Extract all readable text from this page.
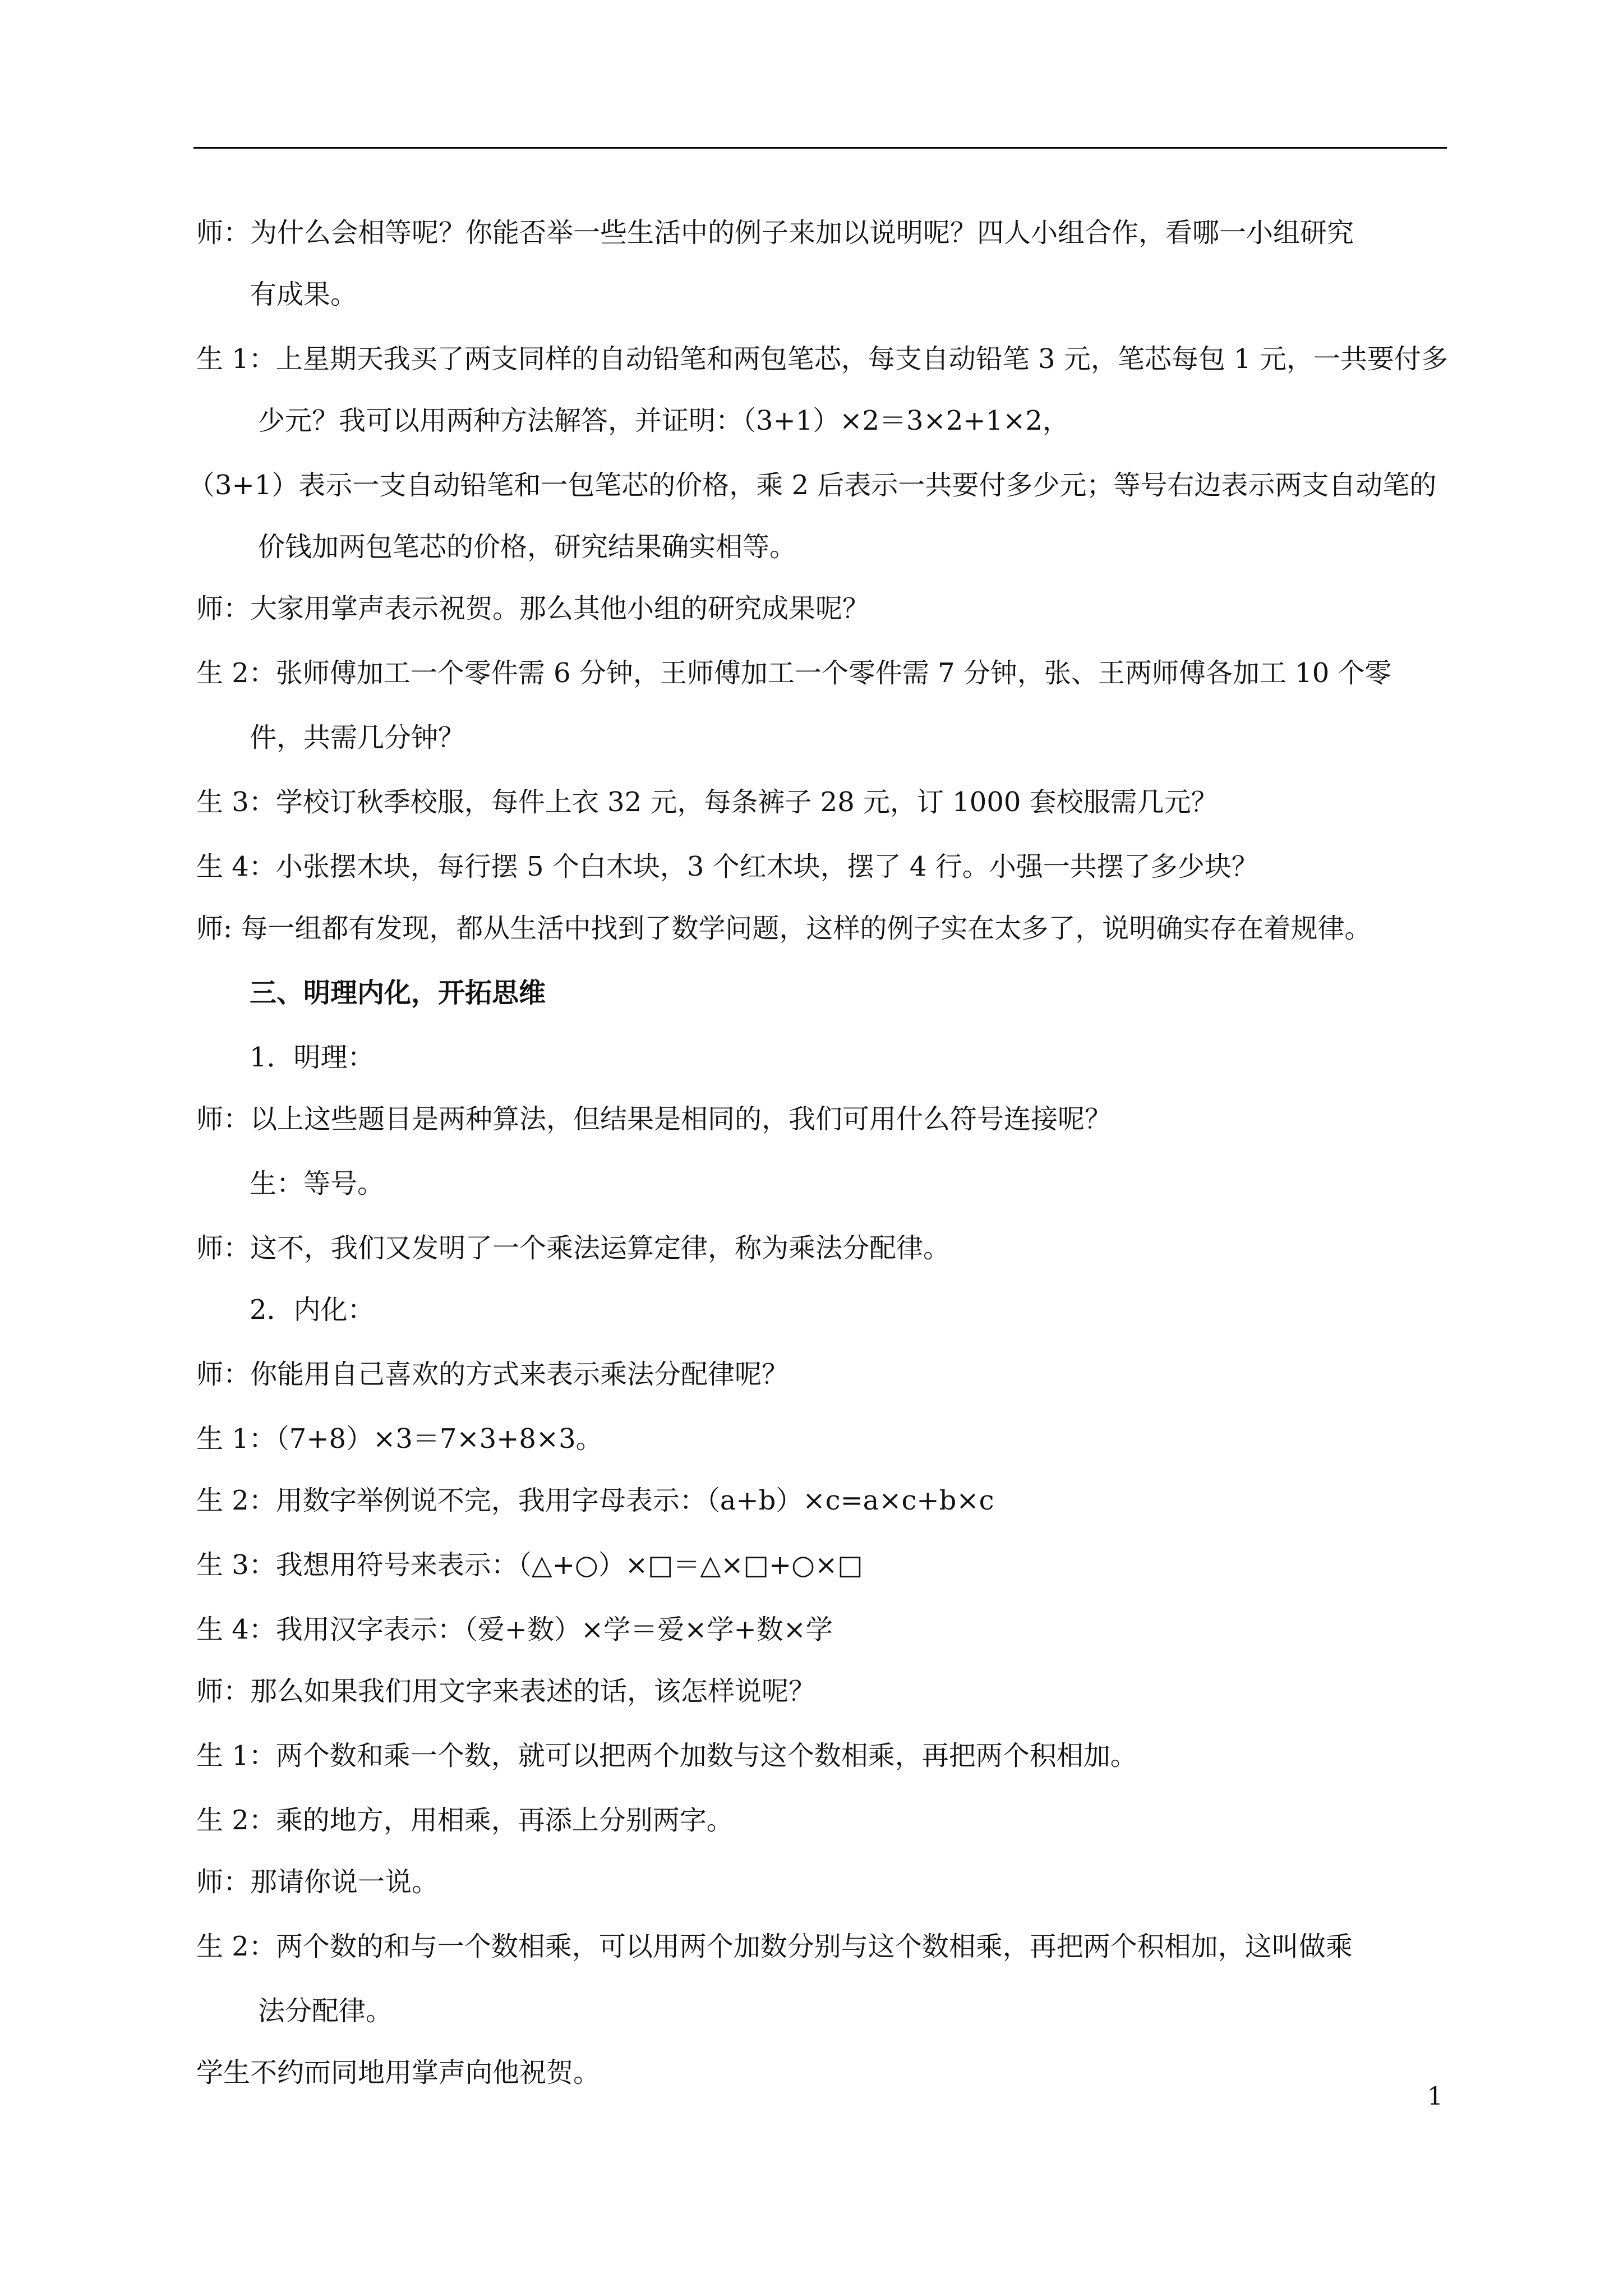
师：为什么会相等呢？你能否举一些生活中的例子来加以说明呢？四人小组合作，看哪一小组研究
有成果。
生 1：上星期天我买了两支同样的自动铅笔和两包笔芯，每支自动铅笔 3 元，笔芯每包 1 元，一共要付多
少元？我可以用两种方法解答，并证明：（3+1）×2＝3×2+1×2，
（3+1）表示一支自动铅笔和一包笔芯的价格，乘 2 后表示一共要付多少元；等号右边表示两支自动笔的
价钱加两包笔芯的价格，研究结果确实相等。
师：大家用掌声表示祝贺。那么其他小组的研究成果呢？
生 2：张师傅加工一个零件需 6 分钟，王师傅加工一个零件需 7 分钟，张、王两师傅各加工 10 个零
件，共需几分钟？
生 3：学校订秋季校服，每件上衣 32 元，每条裤子 28 元，订 1000 套校服需几元？
生 4：小张摆木块，每行摆 5 个白木块，3 个红木块，摆了 4 行。小强一共摆了多少块？
师: 每一组都有发现，都从生活中找到了数学问题，这样的例子实在太多了，说明确实存在着规律。
三、明理内化，开拓思维
1．明理：
师：以上这些题目是两种算法，但结果是相同的，我们可用什么符号连接呢？
生：等号。
师：这不，我们又发明了一个乘法运算定律，称为乘法分配律。
2．内化：
师：你能用自己喜欢的方式来表示乘法分配律呢？
生 1：（7+8）×3＝7×3+8×3。
生 2：用数字举例说不完，我用字母表示：（a+b）×c=a×c+b×c
生 3：我想用符号来表示：（△+○）×□＝△×□+○×□
生 4：我用汉字表示：（爱+数）×学＝爱×学+数×学
师：那么如果我们用文字来表述的话，该怎样说呢？
生 1：两个数和乘一个数，就可以把两个加数与这个数相乘，再把两个积相加。
生 2：乘的地方，用相乘，再添上分别两字。
师：那请你说一说。
生 2：两个数的和与一个数相乘，可以用两个加数分别与这个数相乘，再把两个积相加，这叫做乘
法分配律。
学生不约而同地用掌声向他祝贺。
1
